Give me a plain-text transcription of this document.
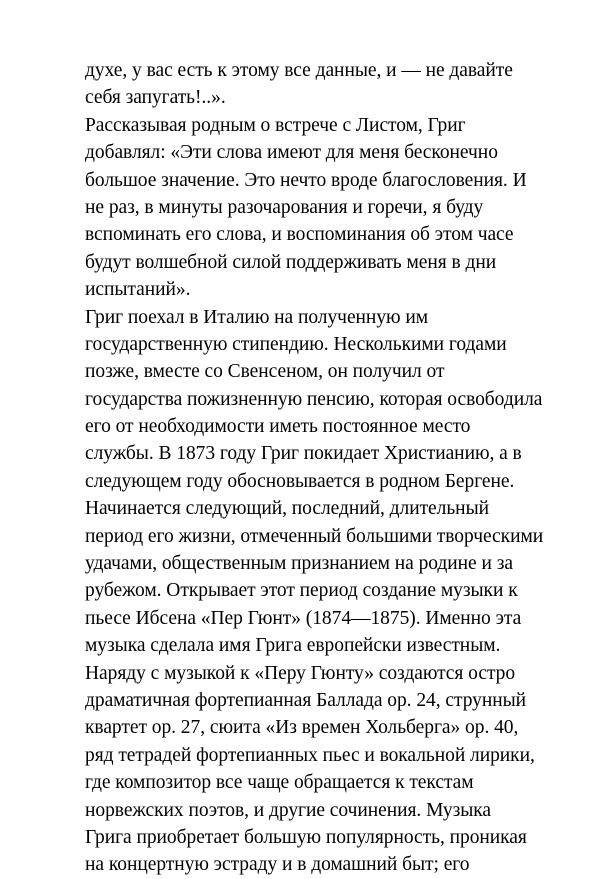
духе, у вас есть к этому все данные, и — не давайте
себя запугать!..».
Рассказывая родным о встрече с Листом, Григ
добавлял: «Эти слова имеют для меня бесконечно
большое значение. Это нечто вроде благословения. И
не раз, в минуты разочарования и горечи, я буду
вспоминать его слова, и воспоминания об этом часе
будут волшебной силой поддерживать меня в дни
испытаний».
Григ поехал в Италию на полученную им
государственную стипендию. Несколькими годами
позже, вместе со Свенсеном, он получил от
государства пожизненную пенсию, которая освободила
его от необходимости иметь постоянное место
службы. В 1873 году Григ покидает Христианию, а в
следующем году обосновывается в родном Бергене.
Начинается следующий, последний, длительный
период его жизни, отмеченный большими творческими
удачами, общественным признанием на родине и за
рубежом. Открывает этот период создание музыки к
пьесе Ибсена «Пер Гюнт» (1874—1875). Именно эта
музыка сделала имя Грига европейски известным.
Наряду с музыкой к «Перу Гюнту» создаются остро
драматичная фортепианная Баллада ор. 24, струнный
квартет ор. 27, сюита «Из времен Хольберга» ор. 40,
ряд тетрадей фортепианных пьес и вокальной лирики,
где композитор все чаще обращается к текстам
норвежских поэтов, и другие сочинения. Музыка
Грига приобретает большую популярность, проникая
на концертную эстраду и в домашний быт; его
